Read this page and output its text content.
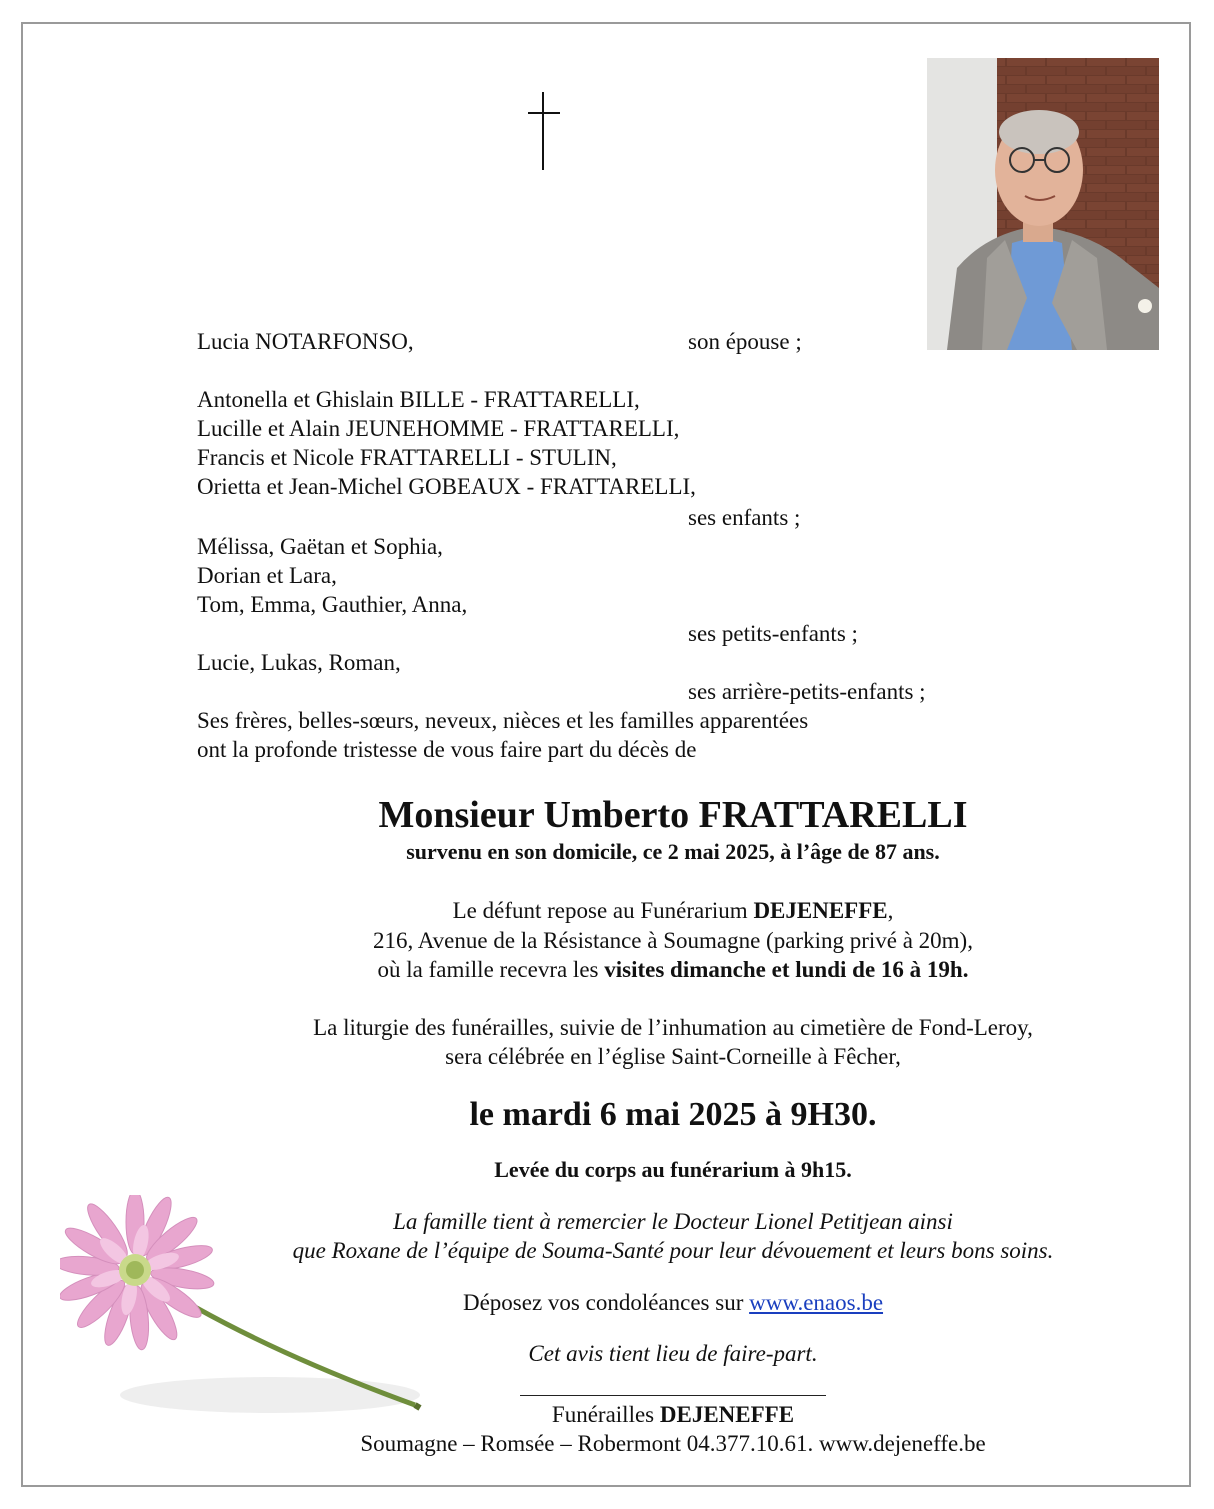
Lucia NOTARFONSO,	son épouse ;
Antonella et Ghislain BILLE - FRATTARELLI,
Lucille et Alain JEUNEHOMME - FRATTARELLI,
Francis et Nicole FRATTARELLI - STULIN,
Orietta et Jean-Michel GOBEAUX - FRATTARELLI,
ses enfants ;
Mélissa, Gaëtan et Sophia,
Dorian et Lara,
Tom, Emma, Gauthier, Anna,
ses petits-enfants ;
Lucie, Lukas, Roman,
ses arrière-petits-enfants ;
Ses frères, belles-sœurs, neveux, nièces et les familles apparentées
ont la profonde tristesse de vous faire part du décès de
Monsieur Umberto FRATTARELLI
survenu en son domicile, ce 2 mai 2025, à l’âge de 87 ans.
Le défunt repose au Funérarium DEJENEFFE,
216, Avenue de la Résistance à Soumagne (parking privé à 20m),
où la famille recevra les visites dimanche et lundi de 16 à 19h.
La liturgie des funérailles, suivie de l’inhumation au cimetière de Fond-Leroy,
sera célébrée en l’église Saint-Corneille à Fêcher,
le mardi 6 mai 2025 à 9H30.
Levée du corps au funérarium à 9h15.
La famille tient à remercier le Docteur Lionel Petitjean ainsi
que Roxane de l’équipe de Souma-Santé pour leur dévouement et leurs bons soins.
Déposez vos condoléances sur www.enaos.be
Cet avis tient lieu de faire-part.
Funérailles DEJENEFFE
Soumagne – Romsée – Robermont 04.377.10.61. www.dejeneffe.be
